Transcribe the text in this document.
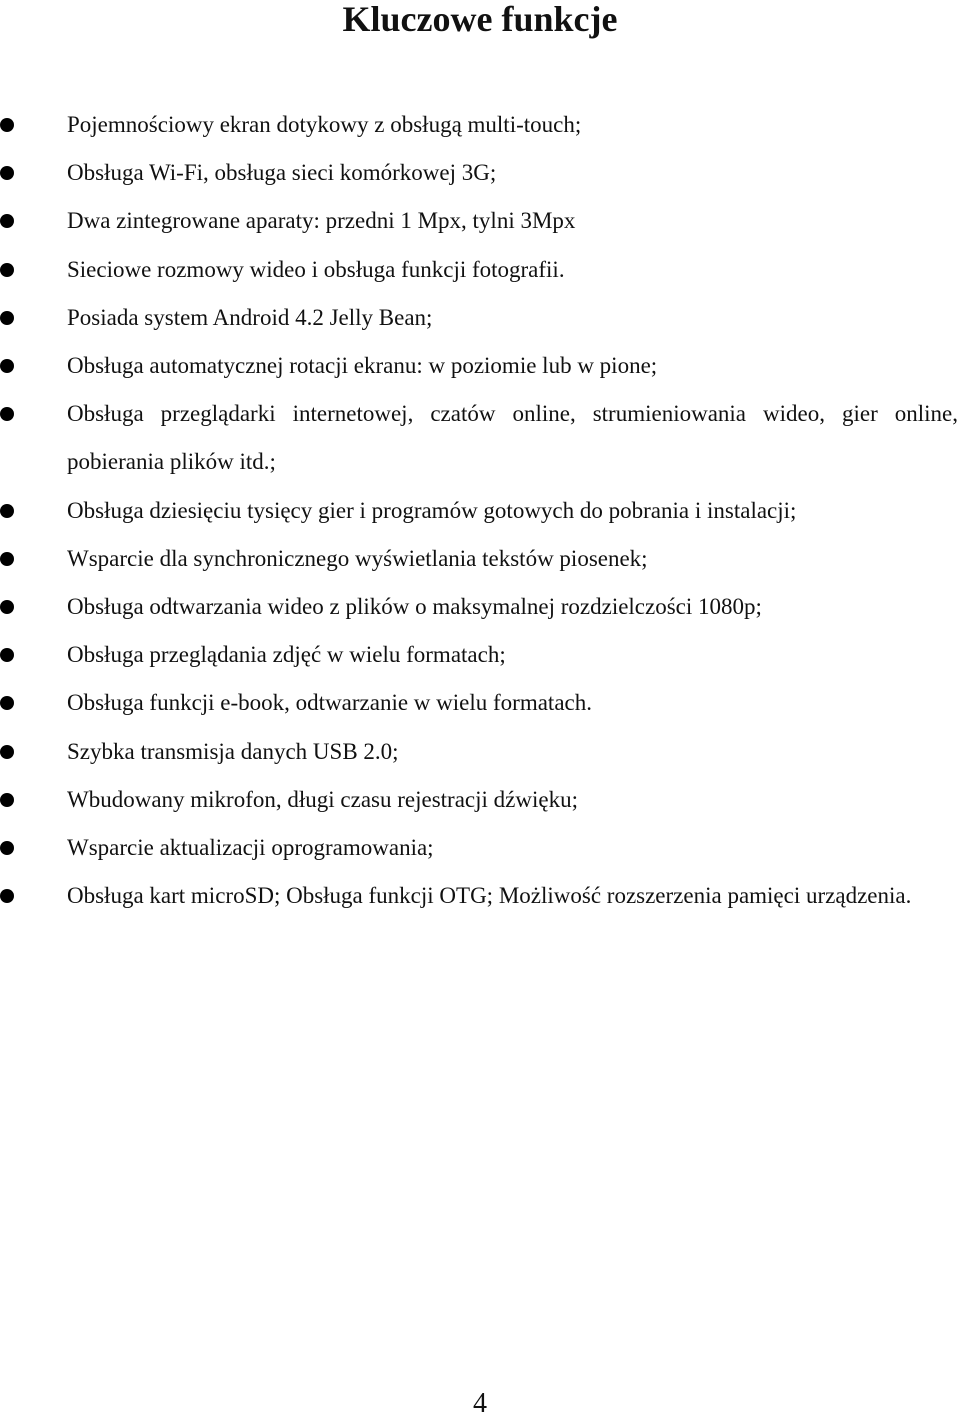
Kluczowe funkcje
Pojemnościowy ekran dotykowy z obsługą multi-touch;
Obsługa Wi-Fi, obsługa sieci komórkowej 3G;
Dwa zintegrowane aparaty: przedni 1 Mpx, tylni 3Mpx
Sieciowe rozmowy wideo i obsługa funkcji fotografii.
Posiada system Android 4.2 Jelly Bean;
Obsługa automatycznej rotacji ekranu: w poziomie lub w pione;
Obsługa przeglądarki internetowej, czatów online, strumieniowania wideo, gier online, pobierania plików itd.;
Obsługa dziesięciu tysięcy gier i programów gotowych do pobrania i instalacji;
Wsparcie dla synchronicznego wyświetlania tekstów piosenek;
Obsługa odtwarzania wideo z plików o maksymalnej rozdzielczości 1080p;
Obsługa przeglądania zdjęć w wielu formatach;
Obsługa funkcji e-book, odtwarzanie w wielu formatach.
Szybka transmisja danych USB 2.0;
Wbudowany mikrofon, długi czasu rejestracji dźwięku;
Wsparcie aktualizacji oprogramowania;
Obsługa kart microSD; Obsługa funkcji OTG; Możliwość rozszerzenia pamięci urządzenia.
4
